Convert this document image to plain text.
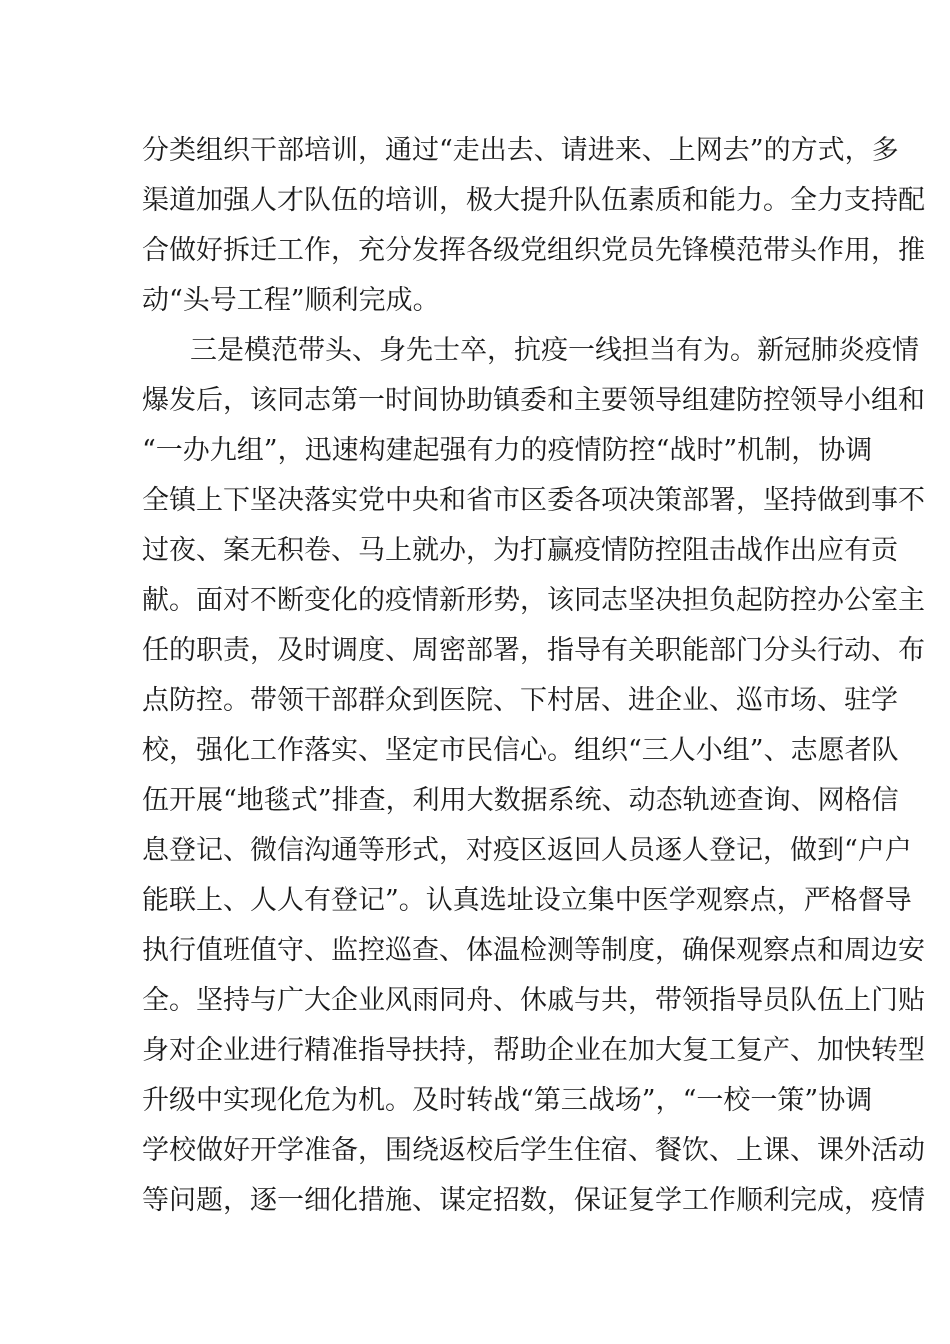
分类组织干部培训，通过“走出去、请进来、上网去”的方式，多
渠道加强人才队伍的培训，极大提升队伍素质和能力。全力支持配
合做好拆迁工作，充分发挥各级党组织党员先锋模范带头作用，推
动“头号工程”顺利完成。
三是模范带头、身先士卒，抗疫一线担当有为。新冠肺炎疫情
爆发后，该同志第一时间协助镇委和主要领导组建防控领导小组和
“一办九组”，迅速构建起强有力的疫情防控“战时”机制，协调
全镇上下坚决落实党中央和省市区委各项决策部署，坚持做到事不
过夜、案无积卷、马上就办，为打赢疫情防控阻击战作出应有贡
献。面对不断变化的疫情新形势，该同志坚决担负起防控办公室主
任的职责，及时调度、周密部署，指导有关职能部门分头行动、布
点防控。带领干部群众到医院、下村居、进企业、巡市场、驻学
校，强化工作落实、坚定市民信心。组织“三人小组”、志愿者队
伍开展“地毯式”排查，利用大数据系统、动态轨迹查询、网格信
息登记、微信沟通等形式，对疫区返回人员逐人登记，做到“户户
能联上、人人有登记”。认真选址设立集中医学观察点，严格督导
执行值班值守、监控巡查、体温检测等制度，确保观察点和周边安
全。坚持与广大企业风雨同舟、休戚与共，带领指导员队伍上门贴
身对企业进行精准指导扶持，帮助企业在加大复工复产、加快转型
升级中实现化危为机。及时转战“第三战场”，“一校一策”协调
学校做好开学准备，围绕返校后学生住宿、餐饮、上课、课外活动
等问题，逐一细化措施、谋定招数，保证复学工作顺利完成，疫情
